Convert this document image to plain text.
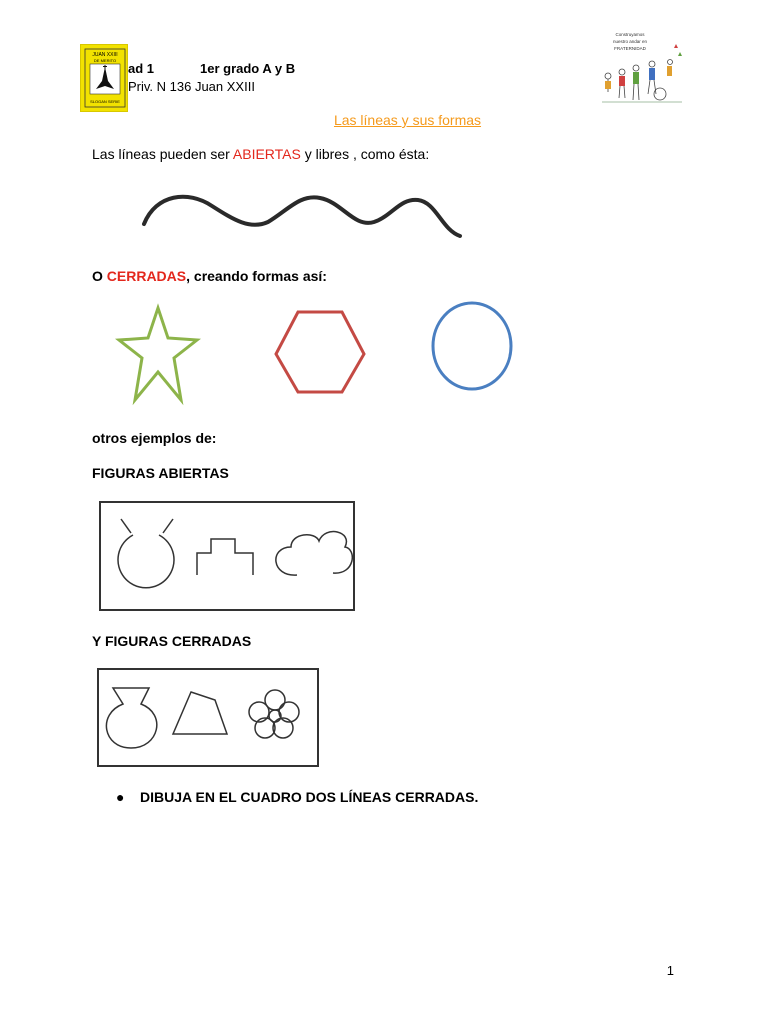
JUAN XXIII
DE MERITO
SLOGAN SERIE
ad 1	1er grado A y B
Priv. N 136 Juan XXIII
Construyamos
nuestro andar en
FRATERNIDAD
Las líneas y sus formas
Las líneas pueden ser ABIERTAS y libres , como ésta:
O CERRADAS, creando formas así:
otros ejemplos de:
FIGURAS ABIERTAS
Y FIGURAS CERRADAS
● DIBUJA EN EL CUADRO DOS LÍNEAS CERRADAS.
1
